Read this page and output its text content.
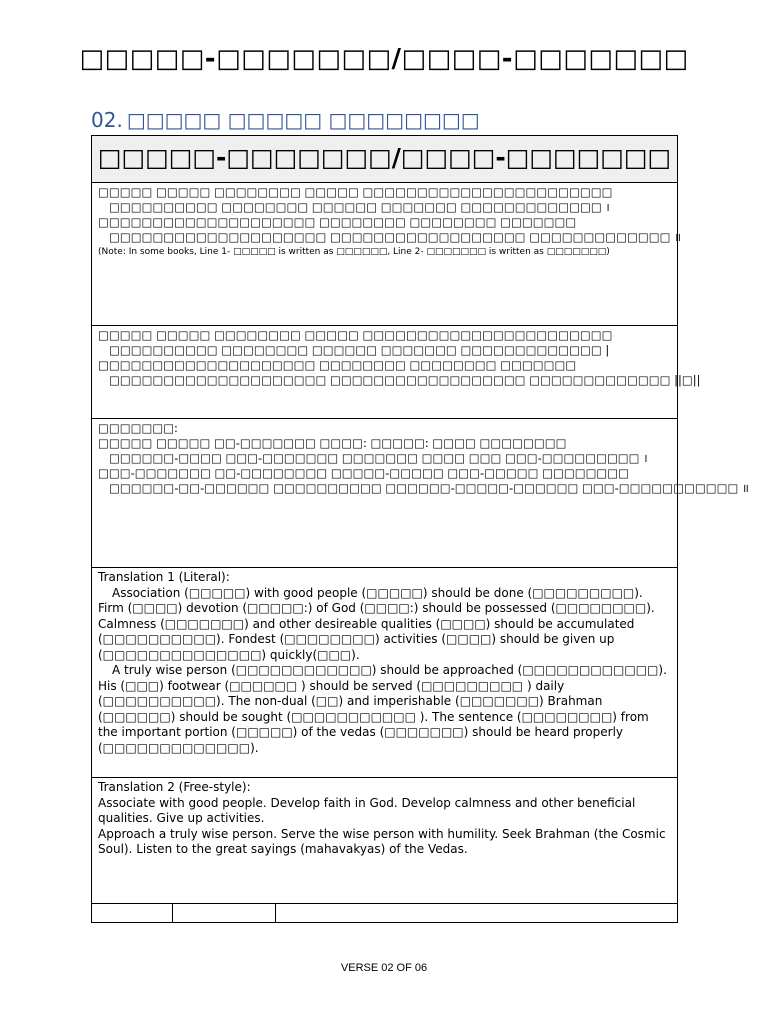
□□□□□-□□□□□□□/□□□□-□□□□□□□
02. □□□□□ □□□□□ □□□□□□□□
□□□□□-□□□□□□□/□□□□-□□□□□□□

□□□□□ □□□□□ □□□□□□□□ □□□□□ □□□□□□□□□□□□□□□□□□□□□□□
□□□□□□□□□□ □□□□□□□□ □□□□□□ □□□□□□□ □□□□□□□□□□□□□ ।
□□□□□□□□□□□□□□□□□□□□ □□□□□□□□ □□□□□□□□ □□□□□□□
□□□□□□□□□□□□□□□□□□□□ □□□□□□□□□□□□□□□□□□ □□□□□□□□□□□□□ ॥
(Note: In some books, Line 1- □□□□□ is written as □□□□□□, Line 2- □□□□□□□ is written as □□□□□□□)

□□□□□ □□□□□ □□□□□□□□ □□□□□ □□□□□□□□□□□□□□□□□□□□□□□
□□□□□□□□□□ □□□□□□□□ □□□□□□ □□□□□□□ □□□□□□□□□□□□□ |
□□□□□□□□□□□□□□□□□□□□ □□□□□□□□ □□□□□□□□ □□□□□□□
□□□□□□□□□□□□□□□□□□□□ □□□□□□□□□□□□□□□□□□ □□□□□□□□□□□□□ ||□||

□□□□□□□:
□□□□□ □□□□□ □□-□□□□□□□ □□□□: □□□□□: □□□□ □□□□□□□□
□□□□□□-□□□□ □□□-□□□□□□□ □□□□□□□ □□□□ □□□ □□□-□□□□□□□□□ ।
□□□-□□□□□□□ □□-□□□□□□□□ □□□□□-□□□□□ □□□-□□□□□ □□□□□□□□
□□□□□□-□□-□□□□□□ □□□□□□□□□□ □□□□□□-□□□□□-□□□□□□ □□□-□□□□□□□□□□□ ॥

Translation 1 (Literal):
Association (□□□□□) with good people (□□□□□) should be done (□□□□□□□□□). Firm (□□□□) devotion (□□□□□:) of God (□□□□:) should be possessed (□□□□□□□□). Calmness (□□□□□□□) and other desireable qualities (□□□□) should be accumulated (□□□□□□□□□□). Fondest (□□□□□□□□) activities (□□□□) should be given up (□□□□□□□□□□□□□□) quickly(□□□).
A truly wise person (□□□□□□□□□□□□) should be approached (□□□□□□□□□□□□). His (□□□) footwear (□□□□□□ ) should be served (□□□□□□□□□ ) daily (□□□□□□□□□□). The non-dual (□□) and imperishable (□□□□□□□) Brahman (□□□□□□) should be sought (□□□□□□□□□□□ ). The sentence (□□□□□□□□) from the important portion (□□□□□) of the vedas (□□□□□□□) should be heard properly (□□□□□□□□□□□□□).

Translation 2 (Free-style):
Associate with good people. Develop faith in God. Develop calmness and other beneficial qualities. Give up activities.
Approach a truly wise person. Serve the wise person with humility. Seek Brahman (the Cosmic Soul). Listen to the great sayings (mahavakyas) of the Vedas.

VERSE 02 OF 06
